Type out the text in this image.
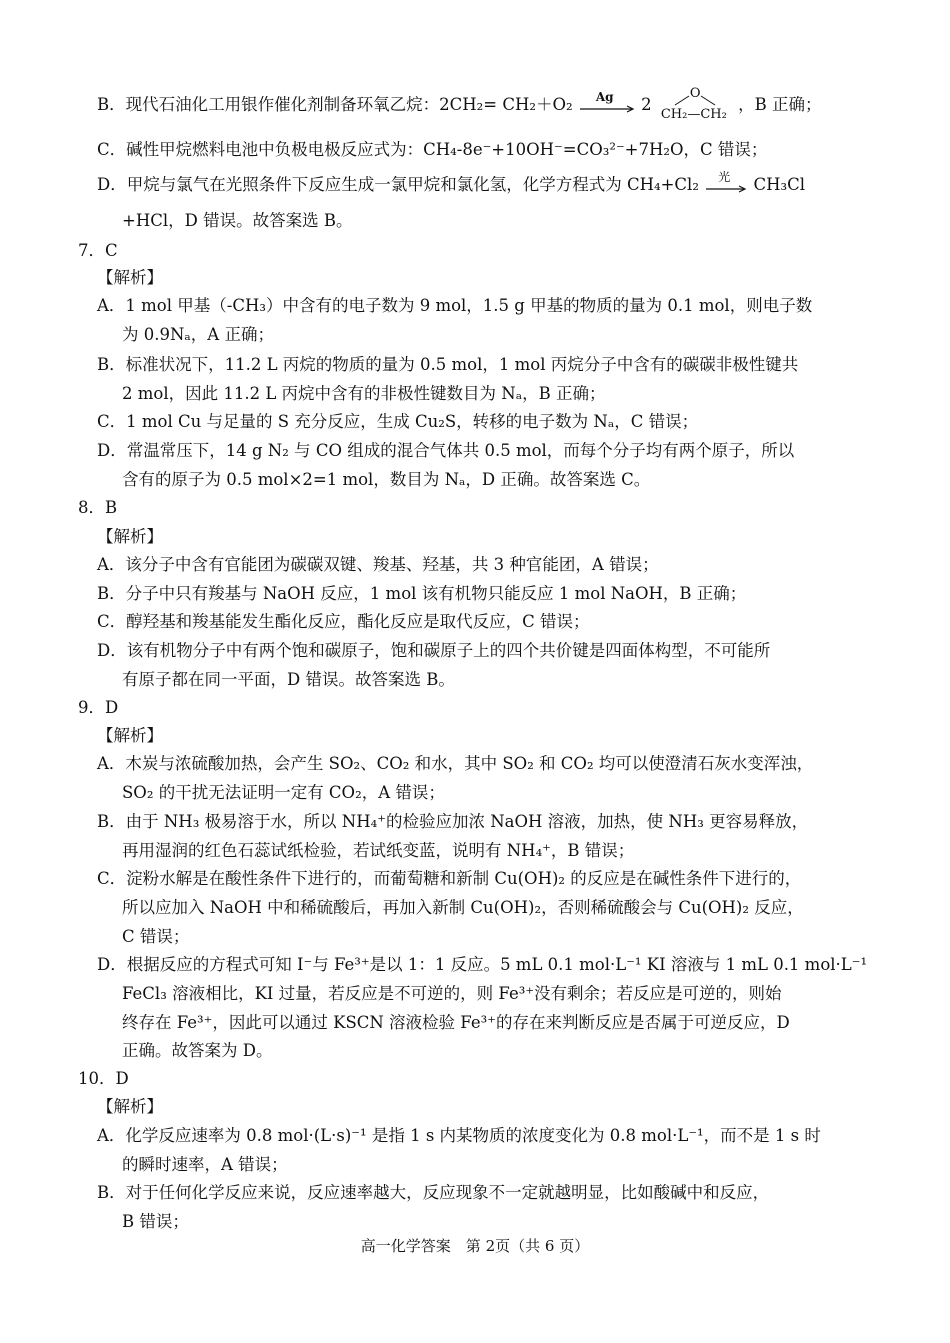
B．现代石油化工用银作催化剂制备环氧乙烷：2CH₂= CH₂＋O₂ Ag 2
O
CH₂—CH₂ ，B 正确；
C．碱性甲烷燃料电池中负极电极反应式为：CH₄-8e⁻+10OH⁻=CO₃²⁻+7H₂O，C 错误；
D．甲烷与氯气在光照条件下反应生成一氯甲烷和氯化氢，化学方程式为 CH₄+Cl₂ 光 CH₃Cl
+HCl，D 错误。故答案选 B。
7．C
【解析】
A．1 mol 甲基（-CH₃）中含有的电子数为 9 mol，1.5 g 甲基的物质的量为 0.1 mol，则电子数
为 0.9Nₐ，A 正确；
B．标准状况下，11.2 L 丙烷的物质的量为 0.5 mol，1 mol 丙烷分子中含有的碳碳非极性键共
2 mol，因此 11.2 L 丙烷中含有的非极性键数目为 Nₐ，B 正确；
C．1 mol Cu 与足量的 S 充分反应，生成 Cu₂S，转移的电子数为 Nₐ，C 错误；
D．常温常压下，14 g N₂ 与 CO 组成的混合气体共 0.5 mol，而每个分子均有两个原子，所以
含有的原子为 0.5 mol×2=1 mol，数目为 Nₐ，D 正确。故答案选 C。
8．B
【解析】
A．该分子中含有官能团为碳碳双键、羧基、羟基，共 3 种官能团，A 错误；
B．分子中只有羧基与 NaOH 反应，1 mol 该有机物只能反应 1 mol NaOH，B 正确；
C．醇羟基和羧基能发生酯化反应，酯化反应是取代反应，C 错误；
D．该有机物分子中有两个饱和碳原子，饱和碳原子上的四个共价键是四面体构型，不可能所
有原子都在同一平面，D 错误。故答案选 B。
9．D
【解析】
A．木炭与浓硫酸加热，会产生 SO₂、CO₂ 和水，其中 SO₂ 和 CO₂ 均可以使澄清石灰水变浑浊，
SO₂ 的干扰无法证明一定有 CO₂，A 错误；
B．由于 NH₃ 极易溶于水，所以 NH₄⁺的检验应加浓 NaOH 溶液，加热，使 NH₃ 更容易释放，
再用湿润的红色石蕊试纸检验，若试纸变蓝，说明有 NH₄⁺，B 错误；
C．淀粉水解是在酸性条件下进行的，而葡萄糖和新制 Cu(OH)₂ 的反应是在碱性条件下进行的，
所以应加入 NaOH 中和稀硫酸后，再加入新制 Cu(OH)₂，否则稀硫酸会与 Cu(OH)₂ 反应，
C 错误；
D．根据反应的方程式可知 I⁻与 Fe³⁺是以 1：1 反应。5 mL 0.1 mol·L⁻¹ KI 溶液与 1 mL 0.1 mol·L⁻¹
FeCl₃ 溶液相比，KI 过量，若反应是不可逆的，则 Fe³⁺没有剩余；若反应是可逆的，则始
终存在 Fe³⁺，因此可以通过 KSCN 溶液检验 Fe³⁺的存在来判断反应是否属于可逆反应，D
正确。故答案为 D。
10．D
【解析】
A．化学反应速率为 0.8 mol·(L·s)⁻¹ 是指 1 s 内某物质的浓度变化为 0.8 mol·L⁻¹，而不是 1 s 时
的瞬时速率，A 错误；
B．对于任何化学反应来说，反应速率越大，反应现象不一定就越明显，比如酸碱中和反应，
B 错误；
高一化学答案　第 2页（共 6 页）
